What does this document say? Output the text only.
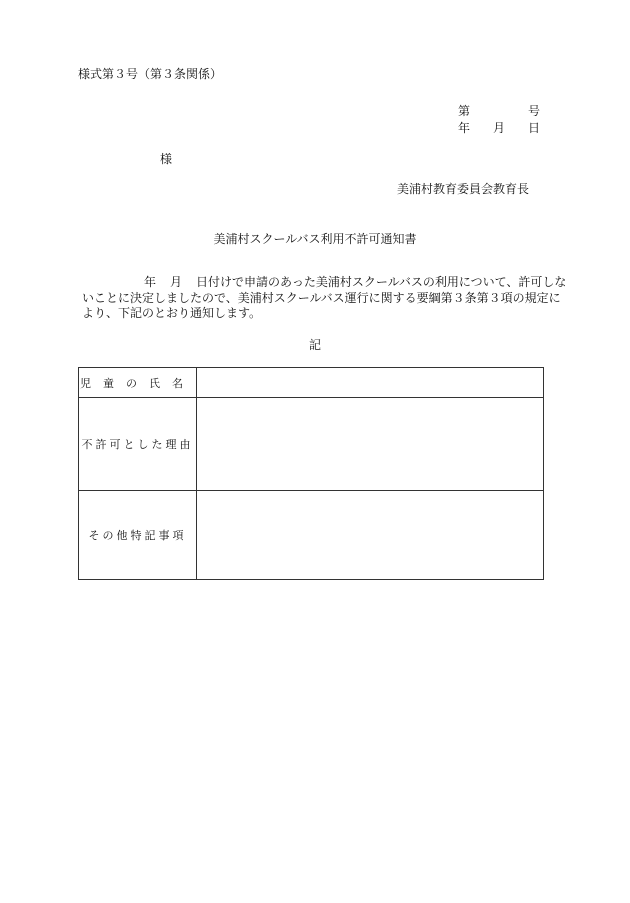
様式第３号（第３条関係）
第	号
年 月 日
様
美浦村教育委員会教育長
美浦村スクールバス利用不許可通知書
年 月 日付けで申請のあった美浦村スクールバスの利用について、許可しな
いことに決定しましたので、美浦村スクールバス運行に関する要綱第３条第３項の規定に
より、下記のとおり通知します。
記
児童の氏名	
不許可とした理由	
その他特記事項	
